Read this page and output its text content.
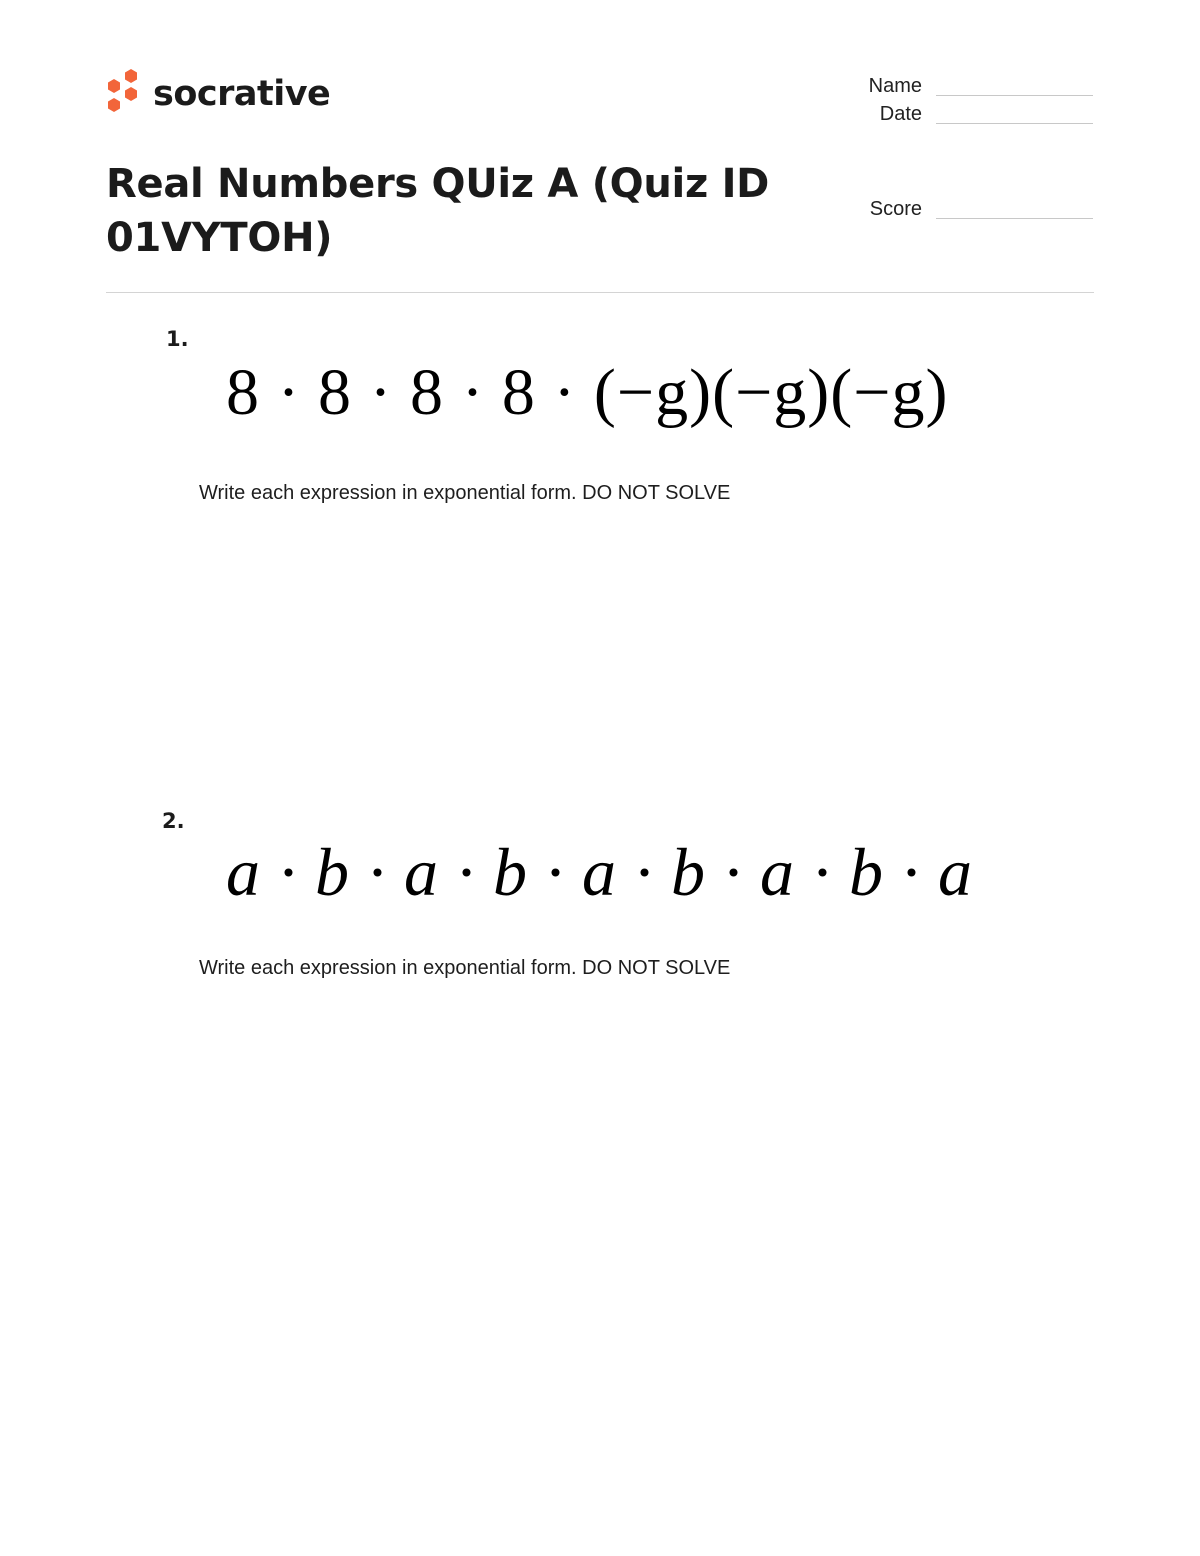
socrative	Name
Date
Score
Real Numbers QUiz A (Quiz ID 01VYTOH)
1.
8 · 8 · 8 · 8 · (−g)(−g)(−g)
Write each expression in exponential form. DO NOT SOLVE
2.
a · b · a · b · a · b · a · b · a
Write each expression in exponential form. DO NOT SOLVE
